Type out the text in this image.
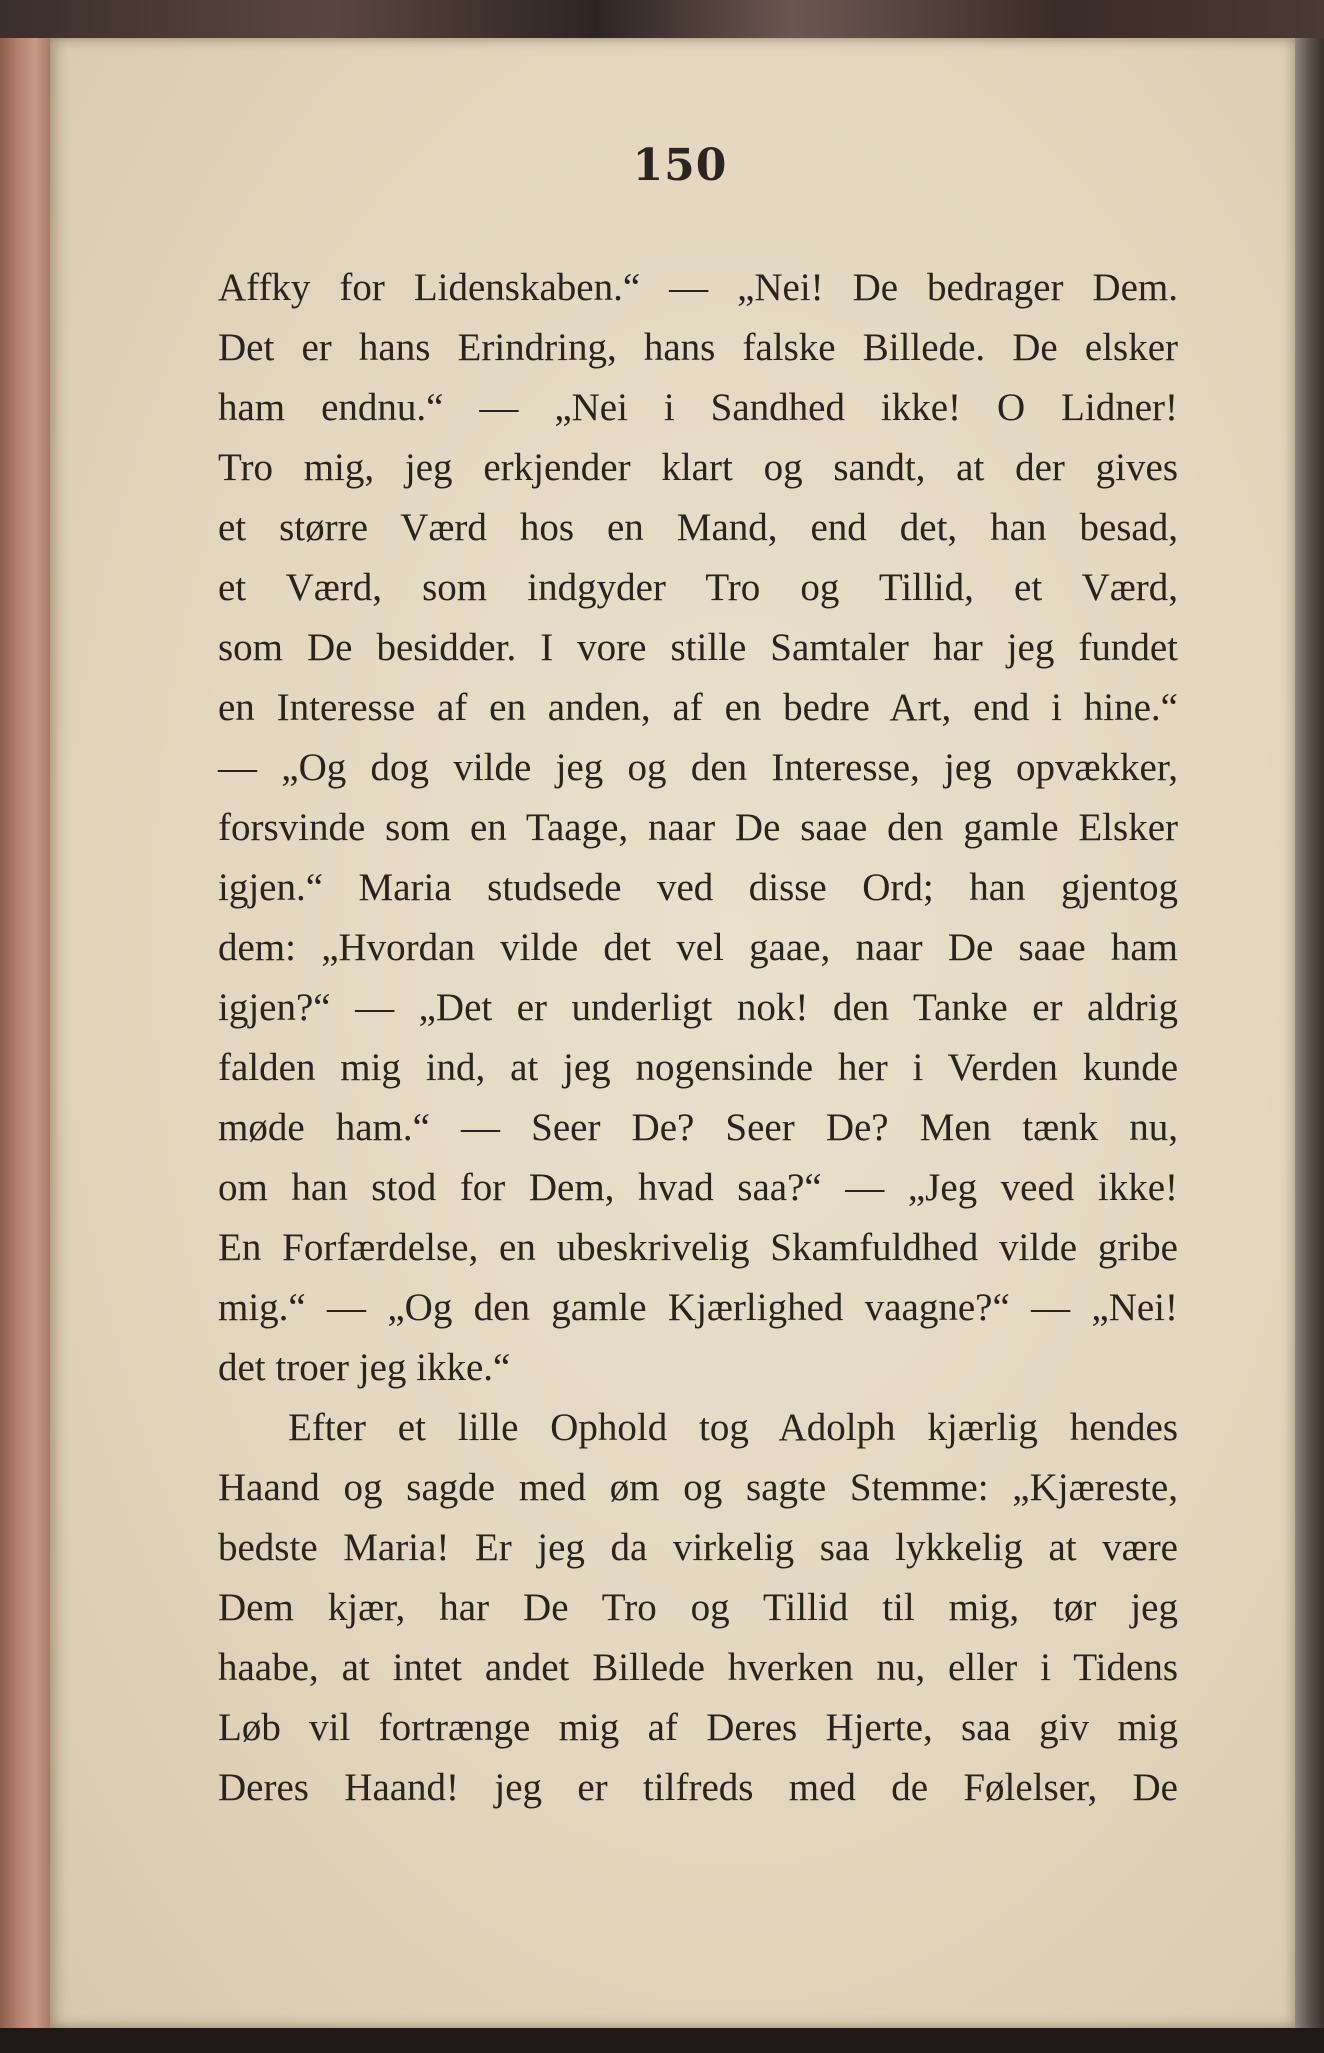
150
Affky for Lidenskaben.“ — „Nei! De bedrager Dem.
Det er hans Erindring, hans falske Billede. De elsker
ham endnu.“ — „Nei i Sandhed ikke! O Lidner!
Tro mig, jeg erkjender klart og sandt, at der gives
et større Værd hos en Mand, end det, han besad,
et Værd, som indgyder Tro og Tillid, et Værd,
som De besidder. I vore stille Samtaler har jeg fundet
en Interesse af en anden, af en bedre Art, end i hine.“
— „Og dog vilde jeg og den Interesse, jeg opvækker,
forsvinde som en Taage, naar De saae den gamle Elsker
igjen.“ Maria studsede ved disse Ord; han gjentog
dem: „Hvordan vilde det vel gaae, naar De saae ham
igjen?“ — „Det er underligt nok! den Tanke er aldrig
falden mig ind, at jeg nogensinde her i Verden kunde
møde ham.“ — Seer De? Seer De? Men tænk nu,
om han stod for Dem, hvad saa?“ — „Jeg veed ikke!
En Forfærdelse, en ubeskrivelig Skamfuldhed vilde gribe
mig.“ — „Og den gamle Kjærlighed vaagne?“ — „Nei!
det troer jeg ikke.“
Efter et lille Ophold tog Adolph kjærlig hendes
Haand og sagde med øm og sagte Stemme: „Kjæreste,
bedste Maria! Er jeg da virkelig saa lykkelig at være
Dem kjær, har De Tro og Tillid til mig, tør jeg
haabe, at intet andet Billede hverken nu, eller i Tidens
Løb vil fortrænge mig af Deres Hjerte, saa giv mig
Deres Haand! jeg er tilfreds med de Følelser, De
